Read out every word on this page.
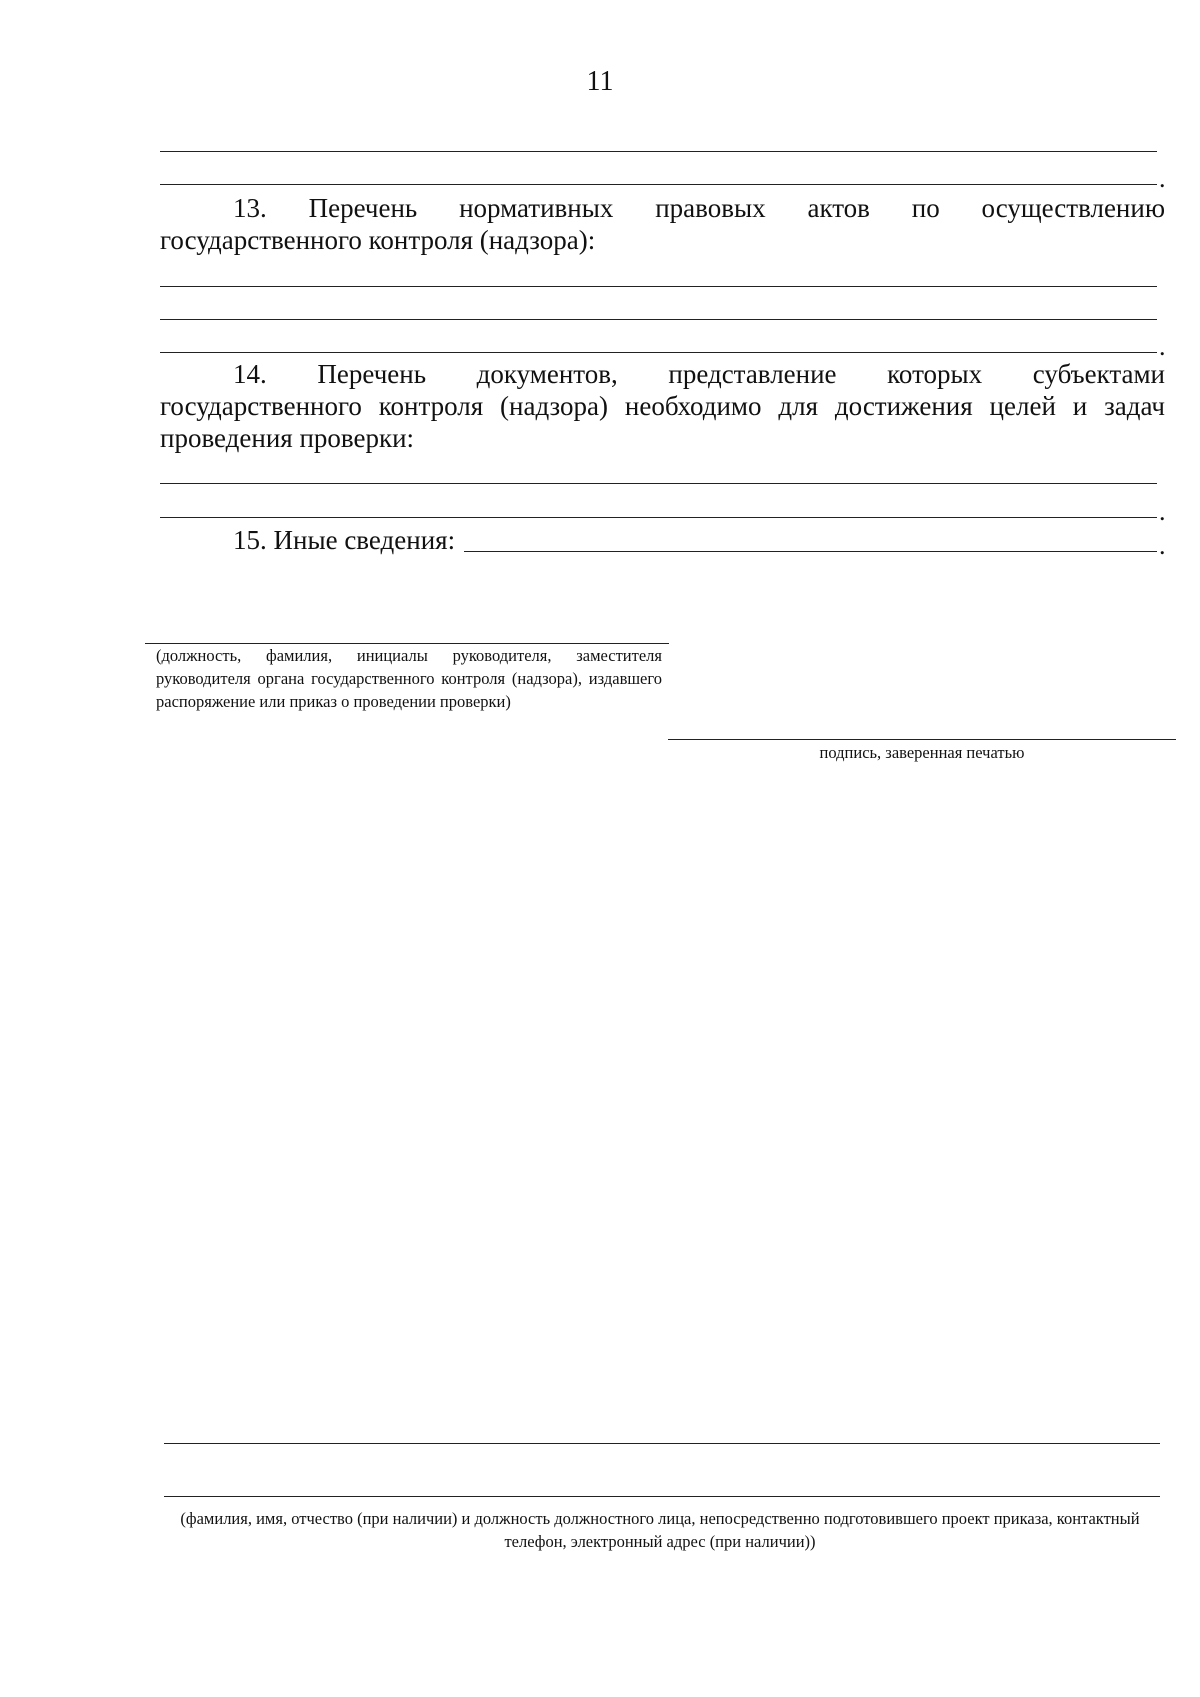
11
.
13. Перечень нормативных правовых актов по осуществлению
государственного контроля (надзора):
.
14. Перечень документов, представление которых субъектами
государственного контроля (надзора) необходимо для достижения целей и задач проведения проверки:
.
15. Иные сведения:	.
(должность, фамилия, инициалы руководителя, заместителя руководителя органа государственного контроля (надзора), издавшего распоряжение или приказ о проведении проверки)
подпись, заверенная печатью
(фамилия, имя, отчество (при наличии) и должность должностного лица, непосредственно подготовившего проект приказа, контактный телефон, электронный адрес (при наличии))
